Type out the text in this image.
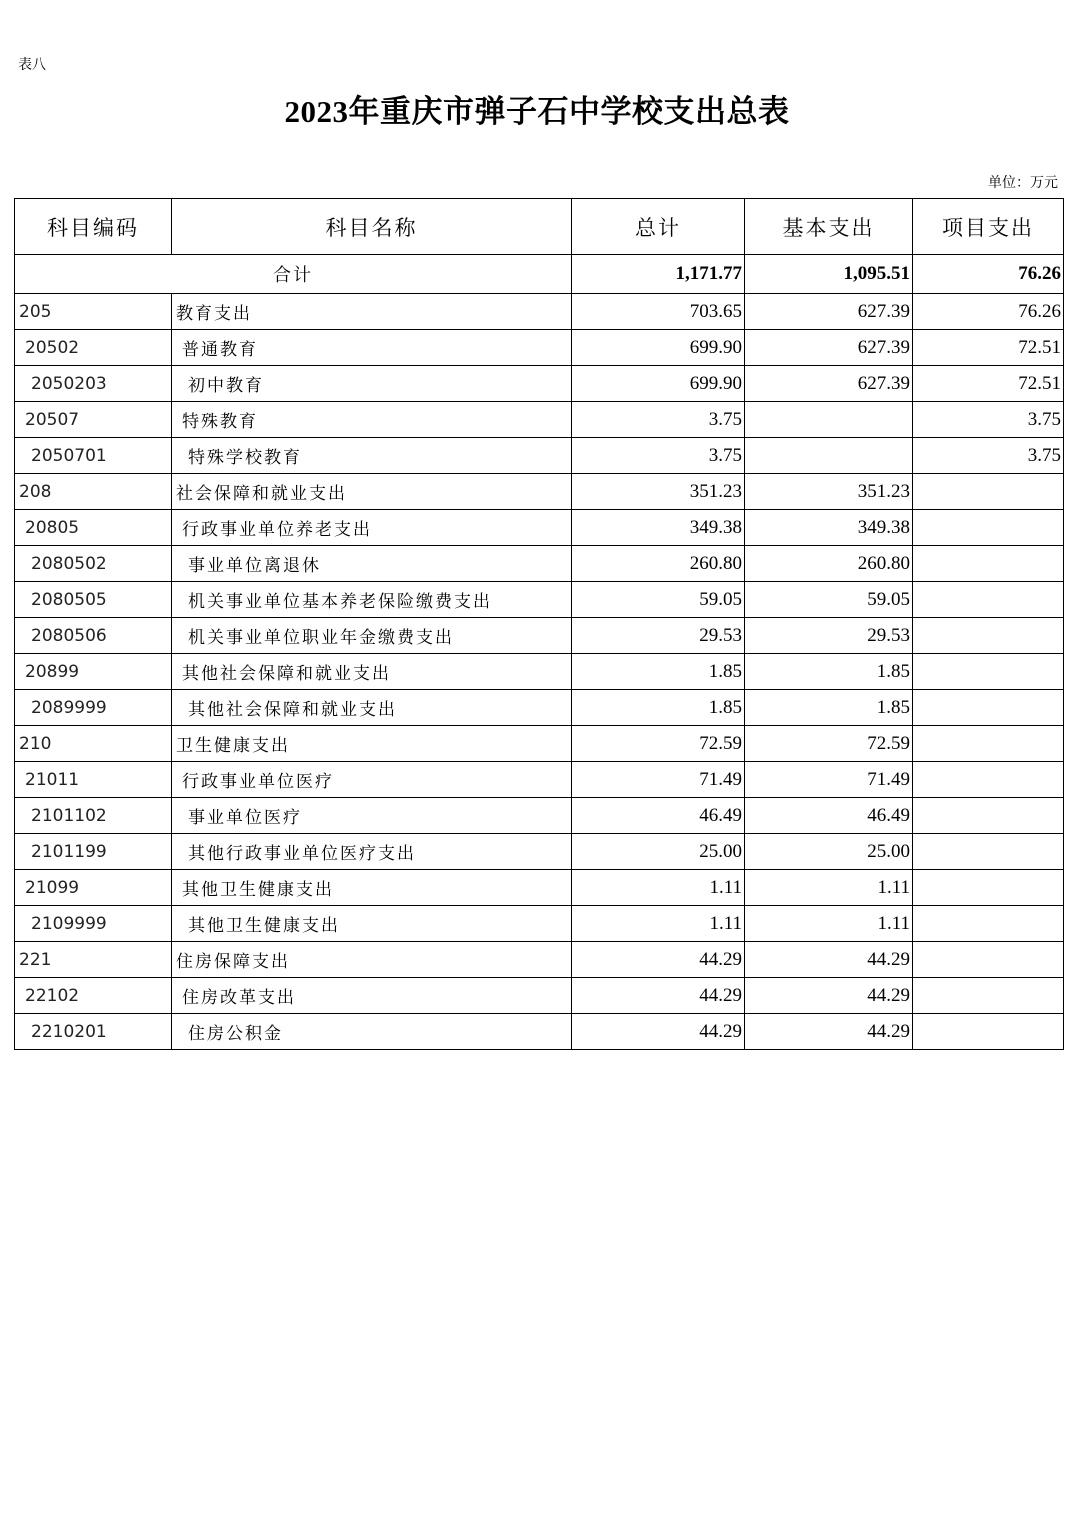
表八
2023年重庆市弹子石中学校支出总表
单位：万元
科目编码	科目名称	总计	基本支出	项目支出
合计		1,171.77	1,095.51	76.26
205	教育支出	703.65	627.39	76.26
20502	普通教育	699.90	627.39	72.51
2050203	初中教育	699.90	627.39	72.51
20507	特殊教育	3.75		3.75
2050701	特殊学校教育	3.75		3.75
208	社会保障和就业支出	351.23	351.23	
20805	行政事业单位养老支出	349.38	349.38	
2080502	事业单位离退休	260.80	260.80	
2080505	机关事业单位基本养老保险缴费支出	59.05	59.05	
2080506	机关事业单位职业年金缴费支出	29.53	29.53	
20899	其他社会保障和就业支出	1.85	1.85	
2089999	其他社会保障和就业支出	1.85	1.85	
210	卫生健康支出	72.59	72.59	
21011	行政事业单位医疗	71.49	71.49	
2101102	事业单位医疗	46.49	46.49	
2101199	其他行政事业单位医疗支出	25.00	25.00	
21099	其他卫生健康支出	1.11	1.11	
2109999	其他卫生健康支出	1.11	1.11	
221	住房保障支出	44.29	44.29	
22102	住房改革支出	44.29	44.29	
2210201	住房公积金	44.29	44.29	
